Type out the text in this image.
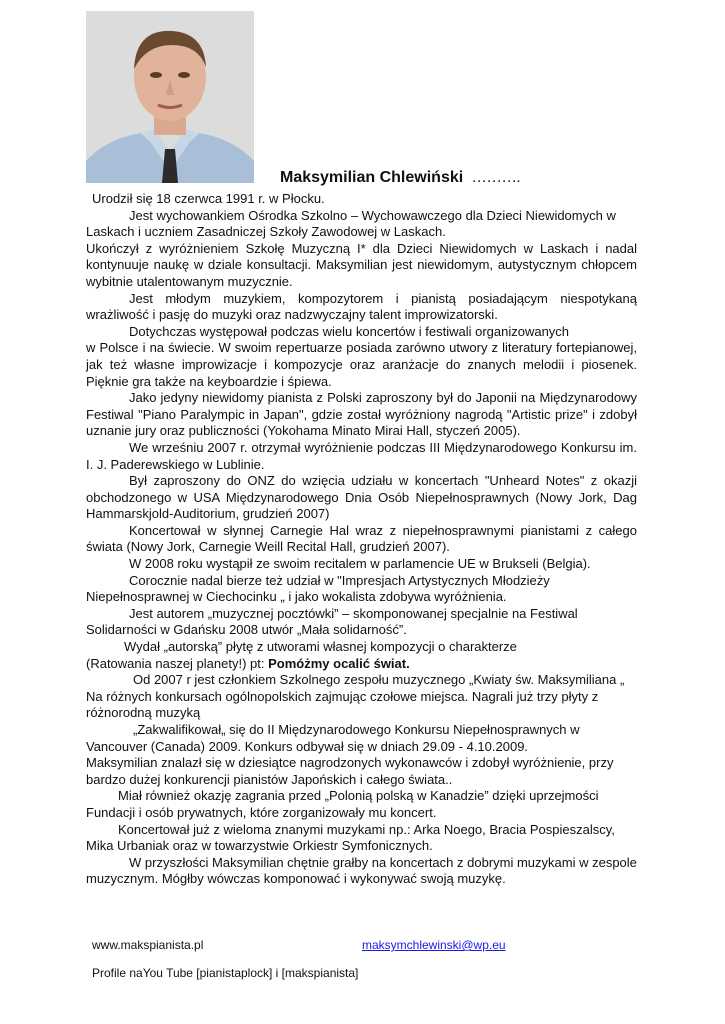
Maksymilian Chlewiński ……….

Urodził się 18 czerwca 1991 r. w Płocku.

Jest wychowankiem Ośrodka Szkolno – Wychowawczego dla Dzieci Niewidomych w Laskach i uczniem Zasadniczej Szkoły Zawodowej w Laskach.

Ukończył z wyróżnieniem Szkołę Muzyczną I* dla Dzieci Niewidomych w Laskach i nadal kontynuuje naukę w dziale konsultacji. Maksymilian jest niewidomym, autystycznym chłopcem wybitnie utalentowanym muzycznie.

Jest młodym muzykiem, kompozytorem i pianistą posiadającym niespotykaną wrażliwość i pasję do muzyki oraz nadzwyczajny talent improwizatorski.

Dotychczas występował podczas wielu koncertów i festiwali organizowanych

w Polsce i na świecie. W swoim repertuarze posiada zarówno utwory z literatury fortepianowej, jak też własne improwizacje i kompozycje oraz aranżacje do znanych melodii i piosenek. Pięknie gra także na keyboardzie i śpiewa.

Jako jedyny niewidomy pianista z Polski zaproszony był do Japonii na Międzynarodowy Festiwal "Piano Paralympic in Japan", gdzie został wyróżniony nagrodą "Artistic prize" i zdobył uznanie jury oraz publiczności (Yokohama Minato Mirai Hall, styczeń 2005).

We wrześniu 2007 r. otrzymał wyróżnienie podczas III Międzynarodowego Konkursu im. I. J. Paderewskiego w Lublinie.

Był zaproszony do ONZ do wzięcia udziału w koncertach "Unheard Notes" z okazji obchodzonego w USA Międzynarodowego Dnia Osób Niepełnosprawnych (Nowy Jork, Dag Hammarskjold-Auditorium, grudzień 2007)

Koncertował w słynnej Carnegie Hal wraz z niepełnosprawnymi pianistami z całego świata (Nowy Jork, Carnegie Weill Recital Hall, grudzień 2007).

W 2008 roku wystąpił ze swoim recitalem w parlamencie UE w Brukseli (Belgia).

Corocznie nadal bierze też udział w "Impresjach Artystycznych Młodzieży

Niepełnosprawnej w Ciechocinku „ i jako wokalista zdobywa wyróżnienia.

Jest autorem „muzycznej pocztówki” – skomponowanej specjalnie na Festiwal Solidarności w Gdańsku 2008 utwór „Mała solidarność”.

Wydał „autorską” płytę z utworami własnej kompozycji o charakterze

(Ratowania naszej planety!) pt: Pomóżmy ocalić świat.

Od 2007 r jest członkiem Szkolnego zespołu muzycznego „Kwiaty św. Maksymiliana „ Na różnych konkursach ogólnopolskich zajmując czołowe miejsca. Nagrali już trzy płyty z różnorodną muzyką

„Zakwalifikował„ się do II Międzynarodowego Konkursu Niepełnosprawnych w Vancouver (Canada) 2009. Konkurs odbywał się w dniach 29.09 - 4.10.2009.

Maksymilian znalazł się w dziesiątce nagrodzonych wykonawców i zdobył wyróżnienie, przy bardzo dużej konkurencji pianistów Japońskich i całego świata..

Miał również okazję zagrania przed „Polonią polską w Kanadzie” dzięki uprzejmości Fundacji i osób prywatnych, które zorganizowały mu koncert.

Koncertował już z wieloma znanymi muzykami np.: Arka Noego, Bracia Pospieszalscy, Mika Urbaniak oraz w towarzystwie Orkiestr Symfonicznych.

W przyszłości Maksymilian chętnie grałby na koncertach z dobrymi muzykami w zespole muzycznym. Mógłby wówczas komponować i wykonywać swoją muzykę.

www.makspianista.pl	maksymchlewinski@wp.eu
Profile naYou Tube [pianistaplock] i [makspianista]
